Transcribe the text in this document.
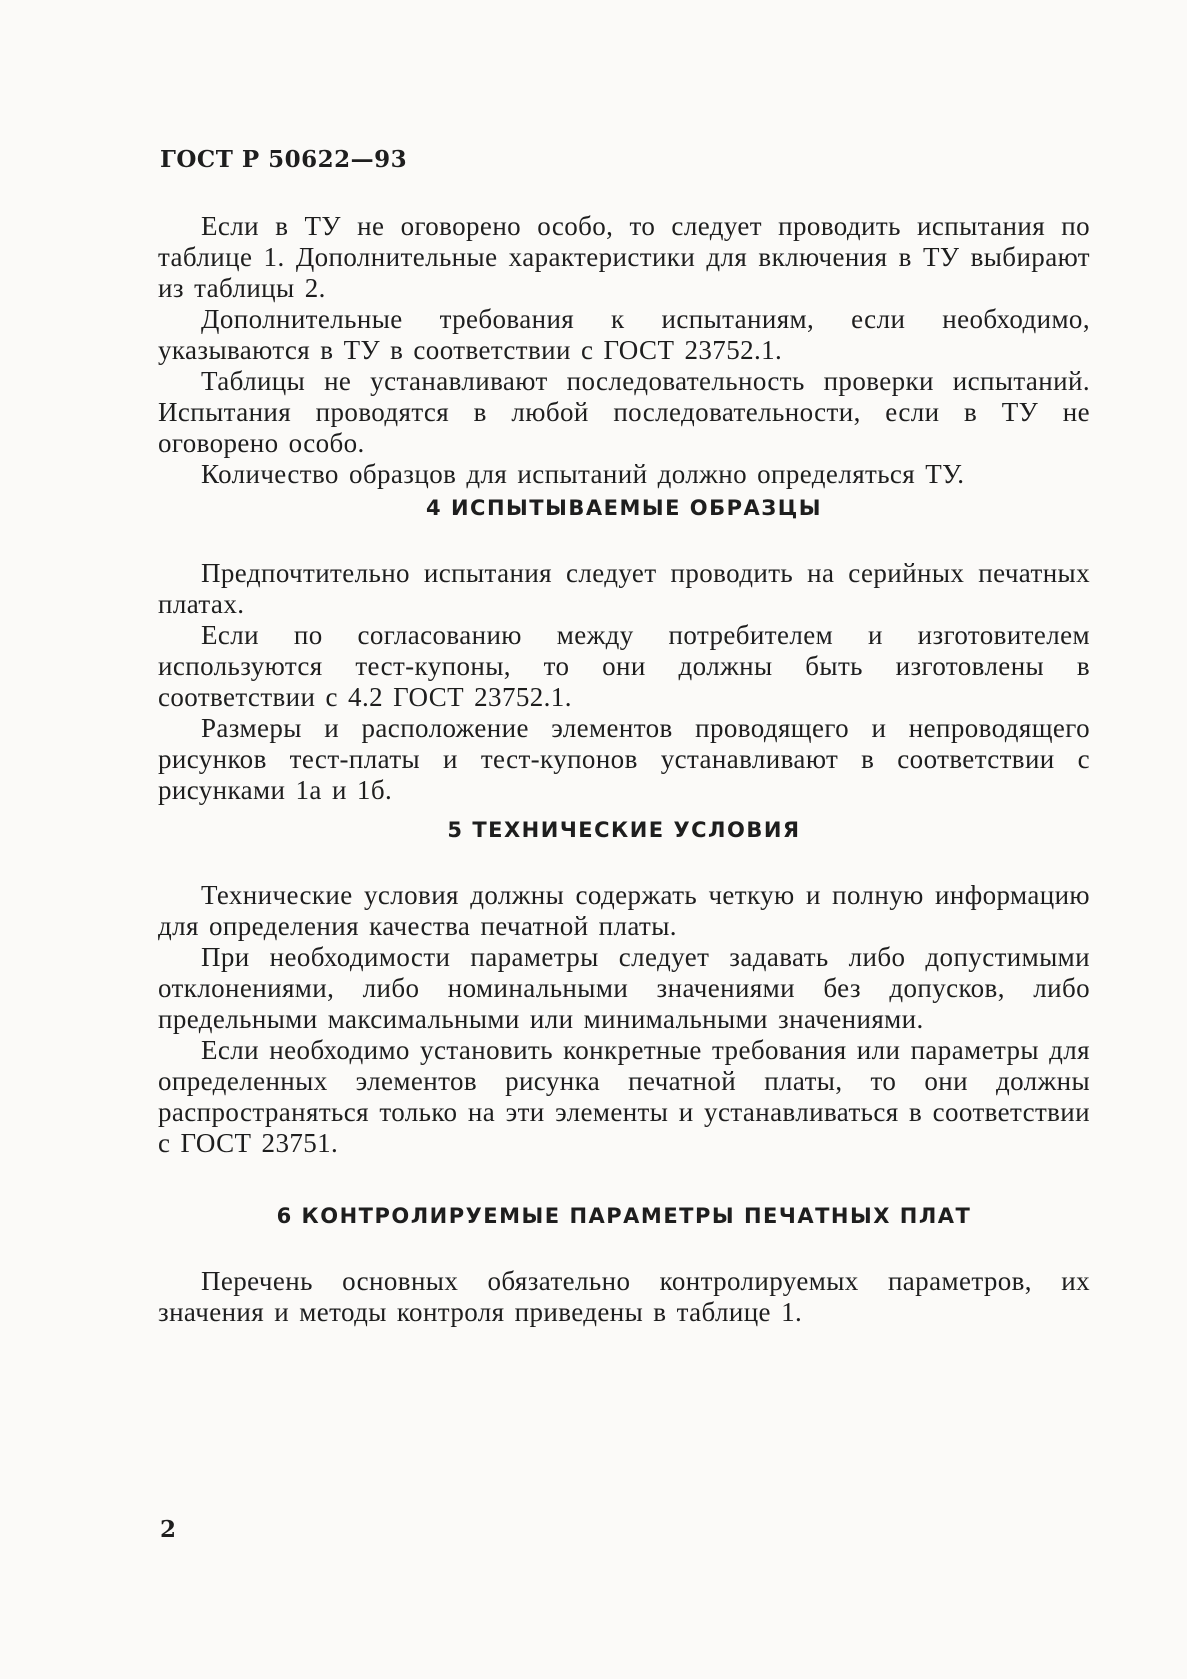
ГОСТ Р 50622—93

Если в ТУ не оговорено особо, то следует проводить испытания по таблице 1. Дополнительные характеристики для включения в ТУ выбирают из таблицы 2.

Дополнительные требования к испытаниям, если необходимо, указываются в ТУ в соответствии с ГОСТ 23752.1.

Таблицы не устанавливают последовательность проверки испытаний. Испытания проводятся в любой последовательности, если в ТУ не оговорено особо.

Количество образцов для испытаний должно определяться ТУ.

4 ИСПЫТЫВАЕМЫЕ ОБРАЗЦЫ

Предпочтительно испытания следует проводить на серийных печатных платах.

Если по согласованию между потребителем и изготовителем используются тест-купоны, то они должны быть изготовлены в соответствии с 4.2 ГОСТ 23752.1.

Размеры и расположение элементов проводящего и непроводящего рисунков тест-платы и тест-купонов устанавливают в соответствии с рисунками 1а и 1б.

5 ТЕХНИЧЕСКИЕ УСЛОВИЯ

Технические условия должны содержать четкую и полную информацию для определения качества печатной платы.

При необходимости параметры следует задавать либо допустимыми отклонениями, либо номинальными значениями без допусков, либо предельными максимальными или минимальными значениями.

Если необходимо установить конкретные требования или параметры для определенных элементов рисунка печатной платы, то они должны распространяться только на эти элементы и устанавливаться в соответствии с ГОСТ 23751.

6 КОНТРОЛИРУЕМЫЕ ПАРАМЕТРЫ ПЕЧАТНЫХ ПЛАТ

Перечень основных обязательно контролируемых параметров, их значения и методы контроля приведены в таблице 1.

2
